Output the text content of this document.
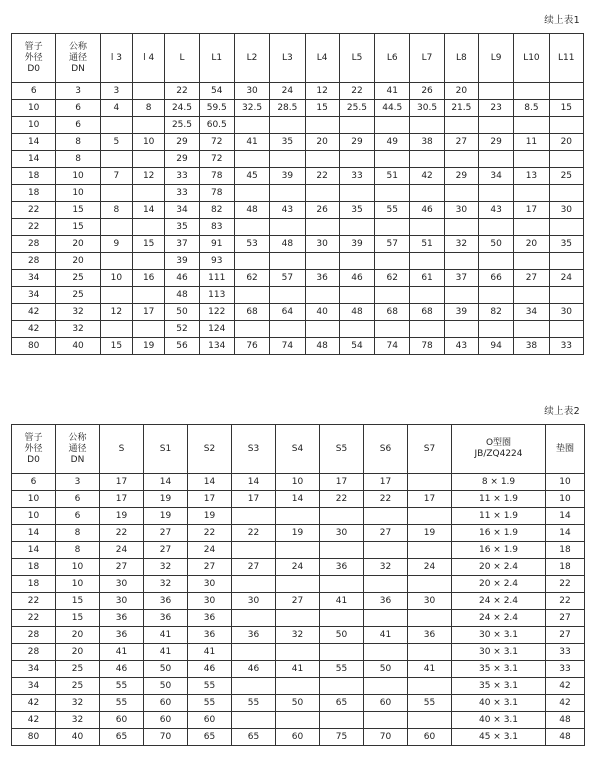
续上表1
管子
外径
D0	公称
通径
DN	l 3	l 4	L	L1	L2	L3	L4	L5	L6	L7	L8	L9	L10	L11

6	3	3		22	54	30	24	12	22	41	26	20			
10	6	4	8	24.5	59.5	32.5	28.5	15	25.5	44.5	30.5	21.5	23	8.5	15
10	6			25.5	60.5										
14	8	5	10	29	72	41	35	20	29	49	38	27	29	11	20
14	8			29	72										
18	10	7	12	33	78	45	39	22	33	51	42	29	34	13	25
18	10			33	78										
22	15	8	14	34	82	48	43	26	35	55	46	30	43	17	30
22	15			35	83										
28	20	9	15	37	91	53	48	30	39	57	51	32	50	20	35
28	20			39	93										
34	25	10	16	46	111	62	57	36	46	62	61	37	66	27	24
34	25			48	113										
42	32	12	17	50	122	68	64	40	48	68	68	39	82	34	30
42	32			52	124										
80	40	15	19	56	134	76	74	48	54	74	78	43	94	38	33
续上表2
管子
外径
D0	公称
通径
DN	S	S1	S2	S3	S4	S5	S6	S7	O型圈
JB/ZQ4224	垫圈

6	3	17	14	14	14	10	17	17		8 × 1.9	10
10	6	17	19	17	17	14	22	22	17	11 × 1.9	10
10	6	19	19	19						11 × 1.9	14
14	8	22	27	22	22	19	30	27	19	16 × 1.9	14
14	8	24	27	24						16 × 1.9	18
18	10	27	32	27	27	24	36	32	24	20 × 2.4	18
18	10	30	32	30						20 × 2.4	22
22	15	30	36	30	30	27	41	36	30	24 × 2.4	22
22	15	36	36	36						24 × 2.4	27
28	20	36	41	36	36	32	50	41	36	30 × 3.1	27
28	20	41	41	41						30 × 3.1	33
34	25	46	50	46	46	41	55	50	41	35 × 3.1	33
34	25	55	50	55						35 × 3.1	42
42	32	55	60	55	55	50	65	60	55	40 × 3.1	42
42	32	60	60	60						40 × 3.1	48
80	40	65	70	65	65	60	75	70	60	45 × 3.1	48
